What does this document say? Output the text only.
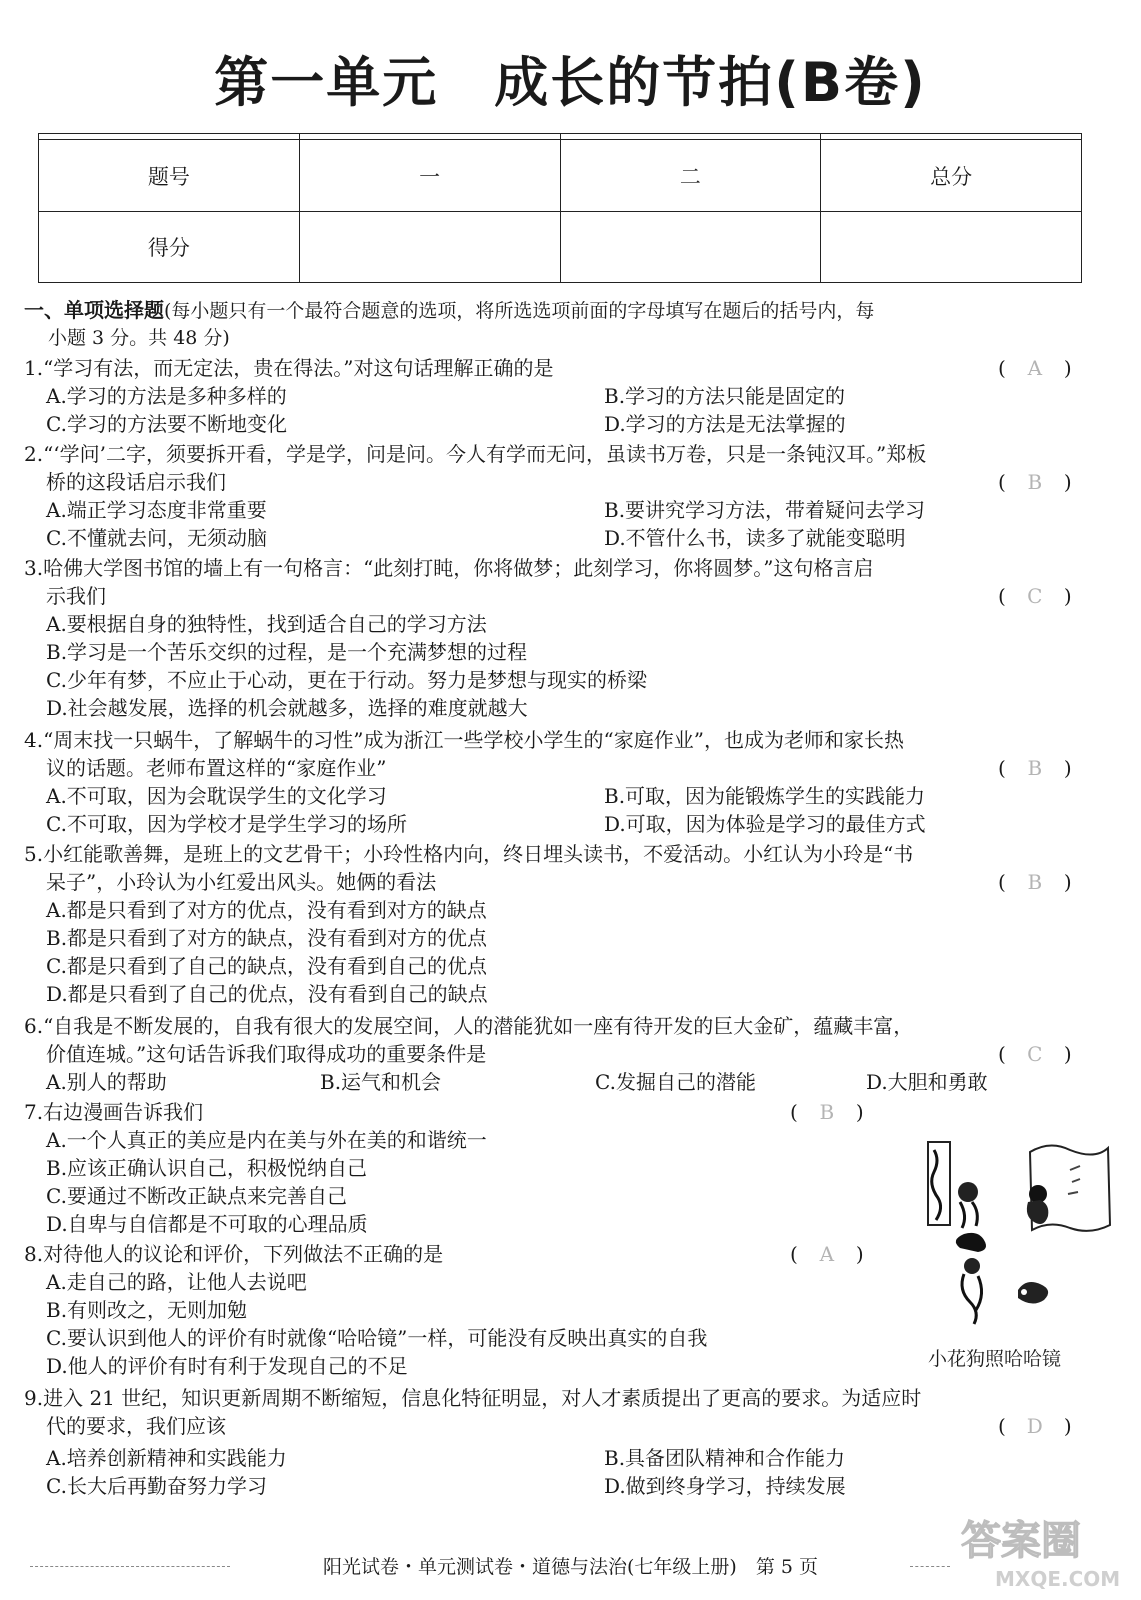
第一单元　成长的节拍(B卷)

题号	一	二	总分
得分			
一、单项选择题(每小题只有一个最符合题意的选项，将所选选项前面的字母填写在题后的括号内，每
小题 3 分。共 48 分)
1.“学习有法，而无定法，贵在得法。”对这句话理解正确的是	( A )
A.学习的方法是多种多样的	B.学习的方法只能是固定的
C.学习的方法要不断地变化	D.学习的方法是无法掌握的
2.“‘学问’二字，须要拆开看，学是学，问是问。今人有学而无问，虽读书万卷，只是一条钝汉耳。”郑板
桥的这段话启示我们	( B )
A.端正学习态度非常重要	B.要讲究学习方法，带着疑问去学习
C.不懂就去问，无须动脑	D.不管什么书，读多了就能变聪明
3.哈佛大学图书馆的墙上有一句格言：“此刻打盹，你将做梦；此刻学习，你将圆梦。”这句格言启
示我们	( C )
A.要根据自身的独特性，找到适合自己的学习方法
B.学习是一个苦乐交织的过程，是一个充满梦想的过程
C.少年有梦，不应止于心动，更在于行动。努力是梦想与现实的桥梁
D.社会越发展，选择的机会就越多，选择的难度就越大
4.“周末找一只蜗牛，了解蜗牛的习性”成为浙江一些学校小学生的“家庭作业”，也成为老师和家长热
议的话题。老师布置这样的“家庭作业”	( B )
A.不可取，因为会耽误学生的文化学习	B.可取，因为能锻炼学生的实践能力
C.不可取，因为学校才是学生学习的场所	D.可取，因为体验是学习的最佳方式
5.小红能歌善舞，是班上的文艺骨干；小玲性格内向，终日埋头读书，不爱活动。小红认为小玲是“书
呆子”，小玲认为小红爱出风头。她俩的看法	( B )
A.都是只看到了对方的优点，没有看到对方的缺点
B.都是只看到了对方的缺点，没有看到对方的优点
C.都是只看到了自己的缺点，没有看到自己的优点
D.都是只看到了自己的优点，没有看到自己的缺点
6.“自我是不断发展的，自我有很大的发展空间，人的潜能犹如一座有待开发的巨大金矿，蕴藏丰富，
价值连城。”这句话告诉我们取得成功的重要条件是	( C )
A.别人的帮助	B.运气和机会	C.发掘自己的潜能	D.大胆和勇敢
7.右边漫画告诉我们	( B )
A.一个人真正的美应是内在美与外在美的和谐统一
B.应该正确认识自己，积极悦纳自己
C.要通过不断改正缺点来完善自己
D.自卑与自信都是不可取的心理品质
8.对待他人的议论和评价，下列做法不正确的是	( A )
A.走自己的路，让他人去说吧
B.有则改之，无则加勉
C.要认识到他人的评价有时就像“哈哈镜”一样，可能没有反映出真实的自我
D.他人的评价有时有利于发现自己的不足	小花狗照哈哈镜
9.进入 21 世纪，知识更新周期不断缩短，信息化特征明显，对人才素质提出了更高的要求。为适应时
代的要求，我们应该	( D )
A.培养创新精神和实践能力	B.具备团队精神和合作能力
C.长大后再勤奋努力学习	D.做到终身学习，持续发展
阳光试卷・单元测试卷・道德与法治(七年级上册)　第 5 页
答案圈
MXQE.COM
